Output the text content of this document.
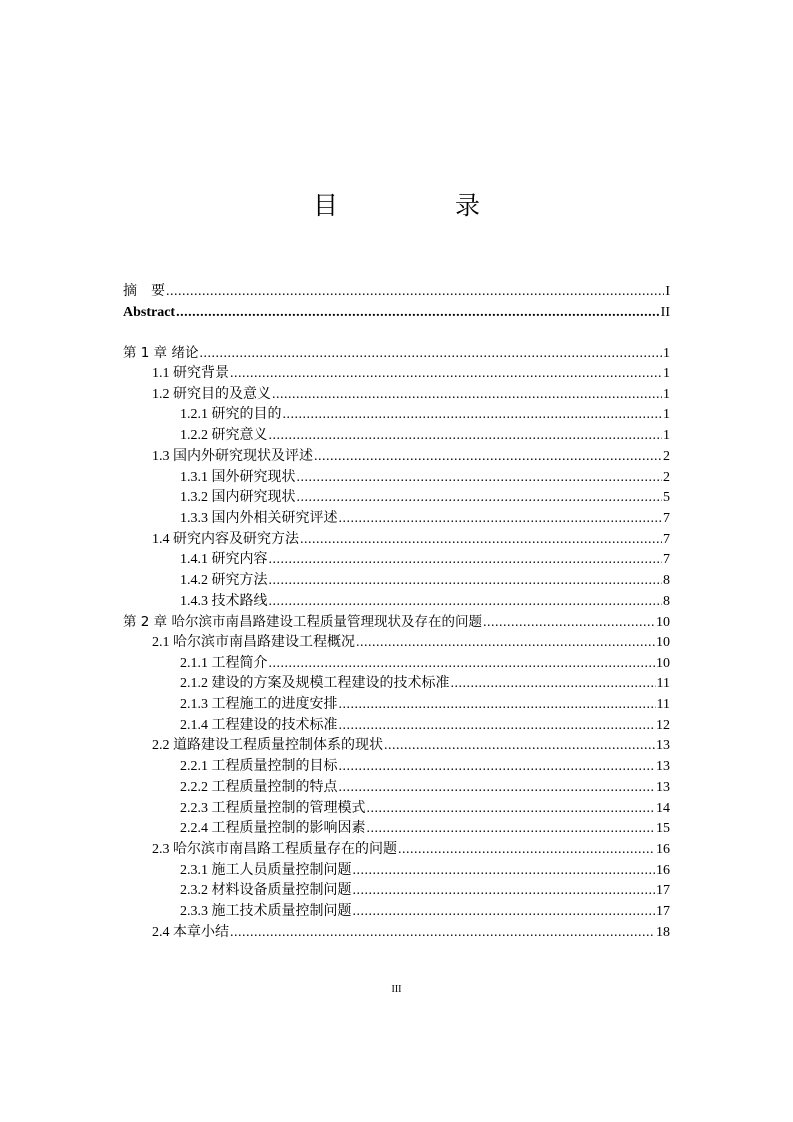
目　录
摘　要 .....	I
Abstract .....	II
第 1 章 绪论 .....	1
1.1 研究背景 .....	1
1.2 研究目的及意义 .....	1
1.2.1 研究的目的 .....	1
1.2.2 研究意义 .....	1
1.3 国内外研究现状及评述 .....	2
1.3.1 国外研究现状 .....	2
1.3.2 国内研究现状 .....	5
1.3.3 国内外相关研究评述 .....	7
1.4 研究内容及研究方法 .....	7
1.4.1 研究内容 .....	7
1.4.2 研究方法 .....	8
1.4.3 技术路线 .....	8
第 2 章 哈尔滨市南昌路建设工程质量管理现状及存在的问题 .....	10
2.1 哈尔滨市南昌路建设工程概况 .....	10
2.1.1 工程简介 .....	10
2.1.2 建设的方案及规模工程建设的技术标准 .....	11
2.1.3 工程施工的进度安排 .....	11
2.1.4 工程建设的技术标准 .....	12
2.2 道路建设工程质量控制体系的现状 .....	13
2.2.1 工程质量控制的目标 .....	13
2.2.2 工程质量控制的特点 .....	13
2.2.3 工程质量控制的管理模式 .....	14
2.2.4 工程质量控制的影响因素 .....	15
2.3 哈尔滨市南昌路工程质量存在的问题 .....	16
2.3.1 施工人员质量控制问题 .....	16
2.3.2 材料设备质量控制问题 .....	17
2.3.3 施工技术质量控制问题 .....	17
2.4 本章小结 .....	18
III
